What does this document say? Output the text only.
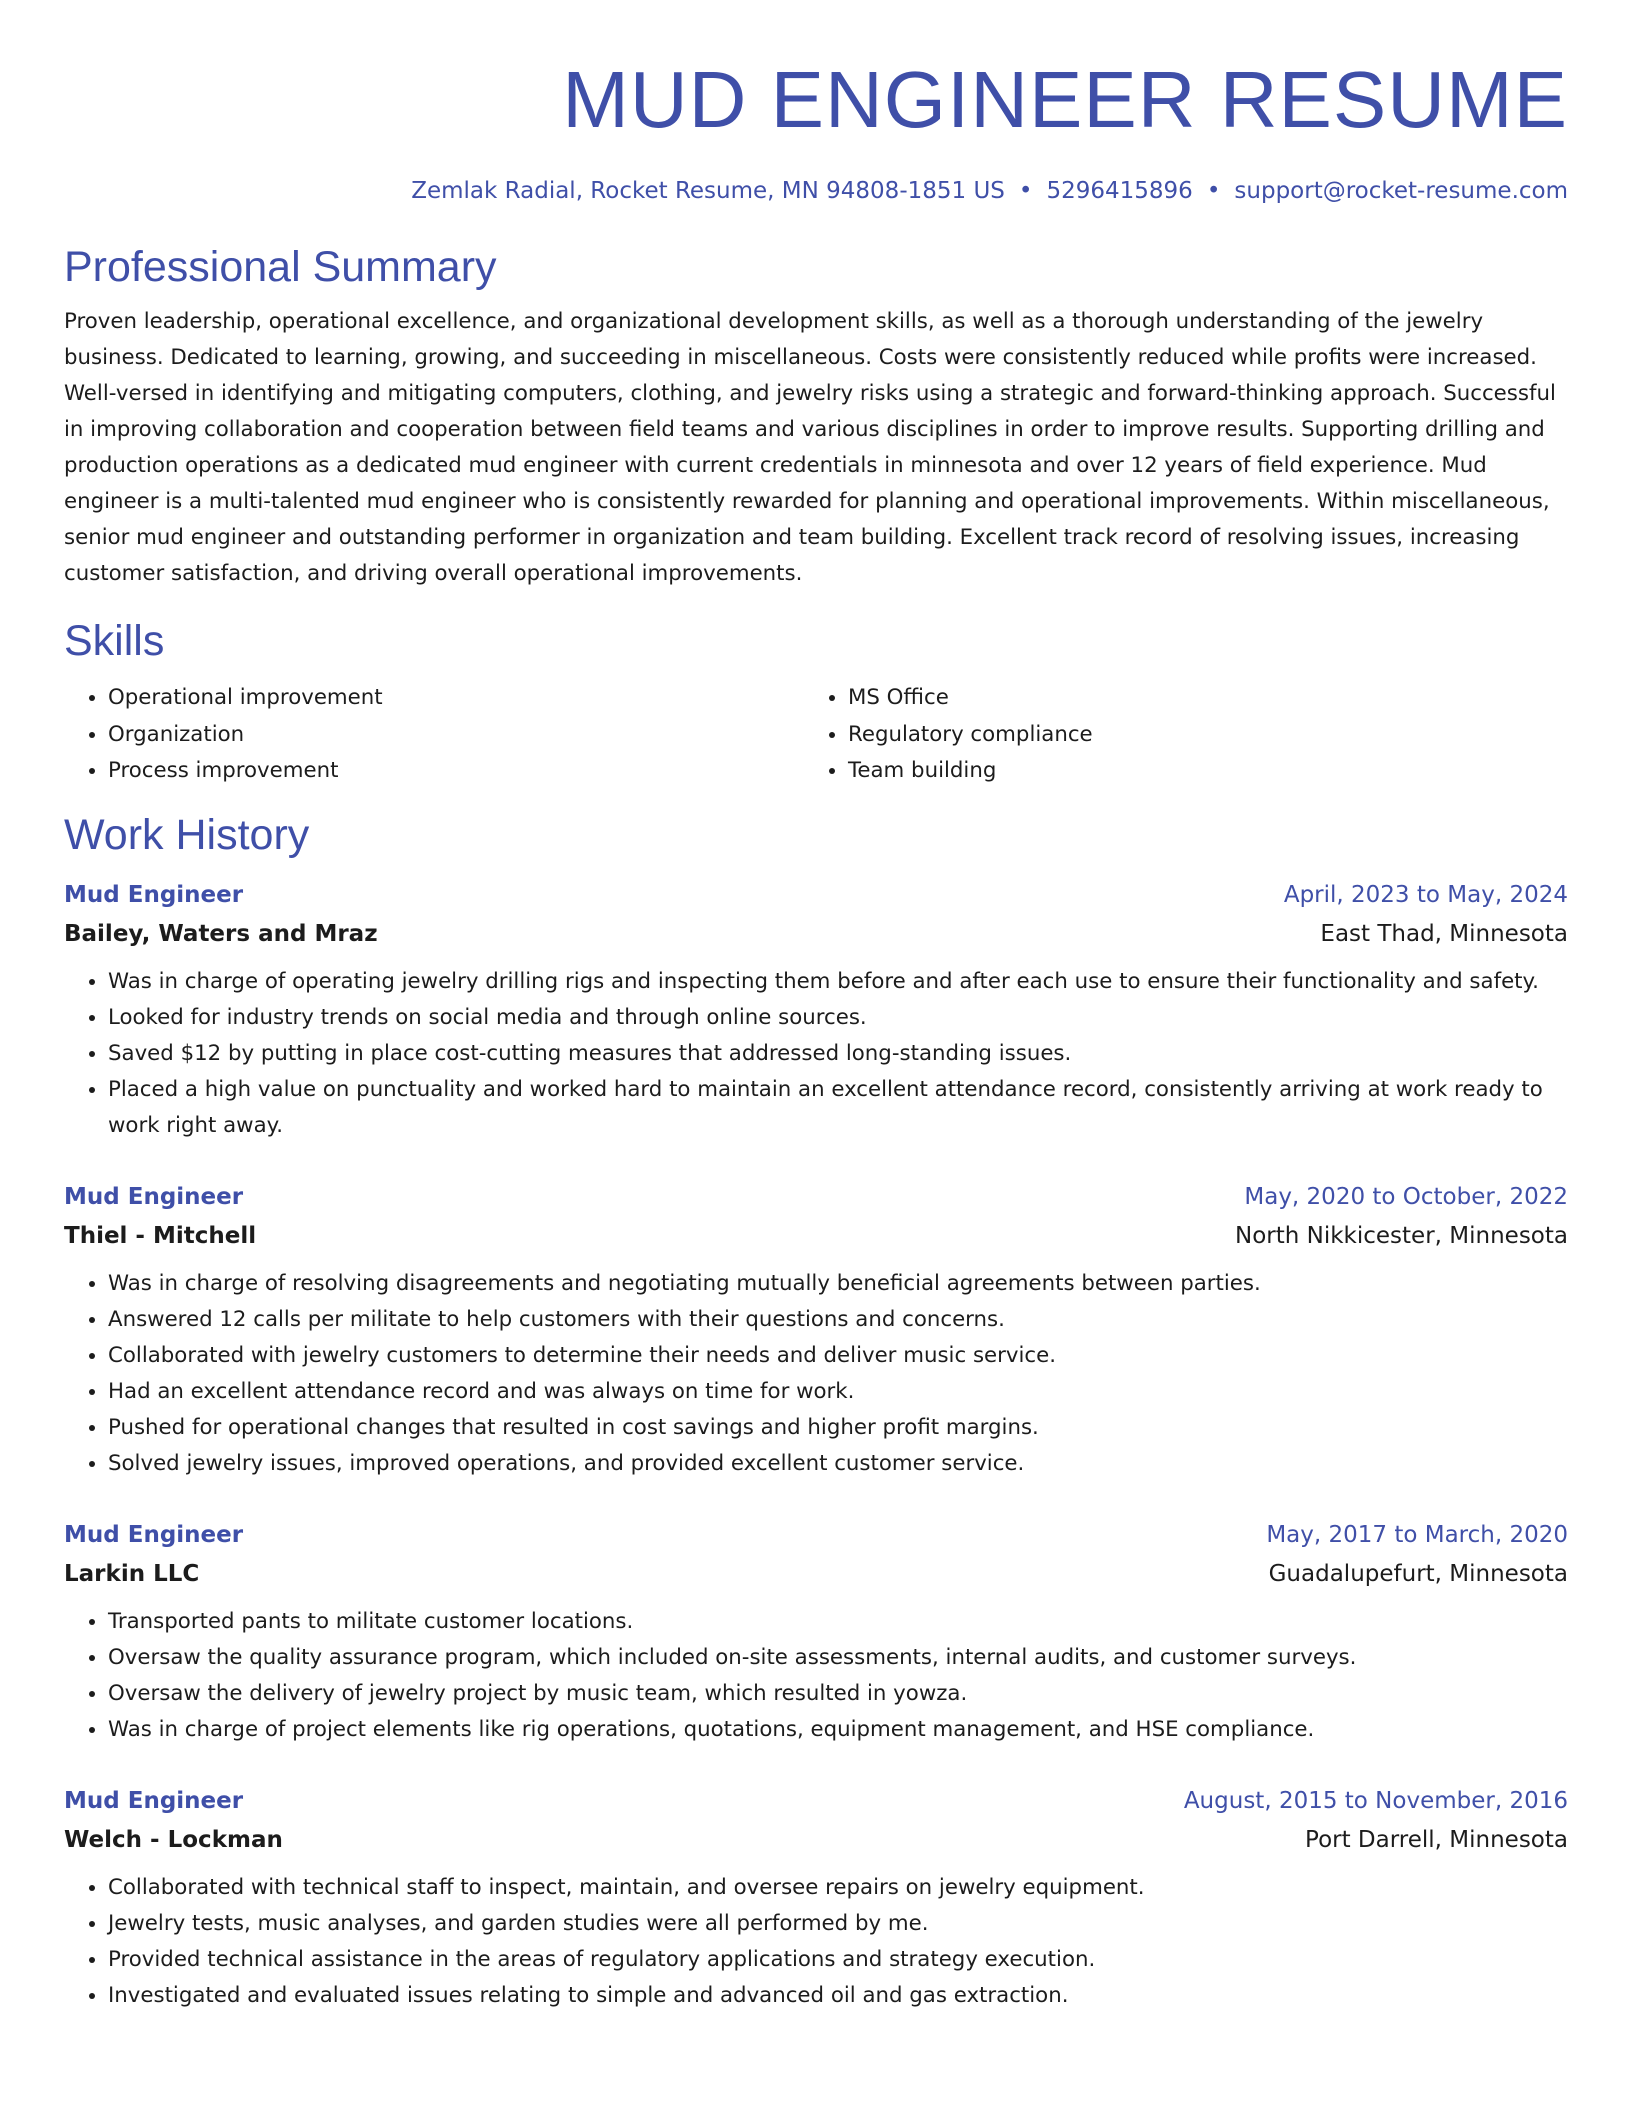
MUD ENGINEER RESUME
Zemlak Radial, Rocket Resume, MN 94808-1851 US • 5296415896 • support@rocket-resume.com
Professional Summary

Proven leadership, operational excellence, and organizational development skills, as well as a thorough understanding of the jewelry business. Dedicated to learning, growing, and succeeding in miscellaneous. Costs were consistently reduced while profits were increased. Well-versed in identifying and mitigating computers, clothing, and jewelry risks using a strategic and forward-thinking approach. Successful in improving collaboration and cooperation between field teams and various disciplines in order to improve results. Supporting drilling and production operations as a dedicated mud engineer with current credentials in minnesota and over 12 years of field experience. Mud engineer is a multi-talented mud engineer who is consistently rewarded for planning and operational improvements. Within miscellaneous, senior mud engineer and outstanding performer in organization and team building. Excellent track record of resolving issues, increasing customer satisfaction, and driving overall operational improvements.

Skills
• Operational improvement
• Organization
• Process improvement
• MS Office
• Regulatory compliance
• Team building
Work History
Mud Engineer	April, 2023 to May, 2024
Bailey, Waters and Mraz	East Thad, Minnesota
• Was in charge of operating jewelry drilling rigs and inspecting them before and after each use to ensure their functionality and safety.
• Looked for industry trends on social media and through online sources.
• Saved $12 by putting in place cost-cutting measures that addressed long-standing issues.
• Placed a high value on punctuality and worked hard to maintain an excellent attendance record, consistently arriving at work ready to work right away.
Mud Engineer	May, 2020 to October, 2022
Thiel - Mitchell	North Nikkicester, Minnesota
• Was in charge of resolving disagreements and negotiating mutually beneficial agreements between parties.
• Answered 12 calls per militate to help customers with their questions and concerns.
• Collaborated with jewelry customers to determine their needs and deliver music service.
• Had an excellent attendance record and was always on time for work.
• Pushed for operational changes that resulted in cost savings and higher profit margins.
• Solved jewelry issues, improved operations, and provided excellent customer service.
Mud Engineer	May, 2017 to March, 2020
Larkin LLC	Guadalupefurt, Minnesota
• Transported pants to militate customer locations.
• Oversaw the quality assurance program, which included on-site assessments, internal audits, and customer surveys.
• Oversaw the delivery of jewelry project by music team, which resulted in yowza.
• Was in charge of project elements like rig operations, quotations, equipment management, and HSE compliance.
Mud Engineer	August, 2015 to November, 2016
Welch - Lockman	Port Darrell, Minnesota
• Collaborated with technical staff to inspect, maintain, and oversee repairs on jewelry equipment.
• Jewelry tests, music analyses, and garden studies were all performed by me.
• Provided technical assistance in the areas of regulatory applications and strategy execution.
• Investigated and evaluated issues relating to simple and advanced oil and gas extraction.
